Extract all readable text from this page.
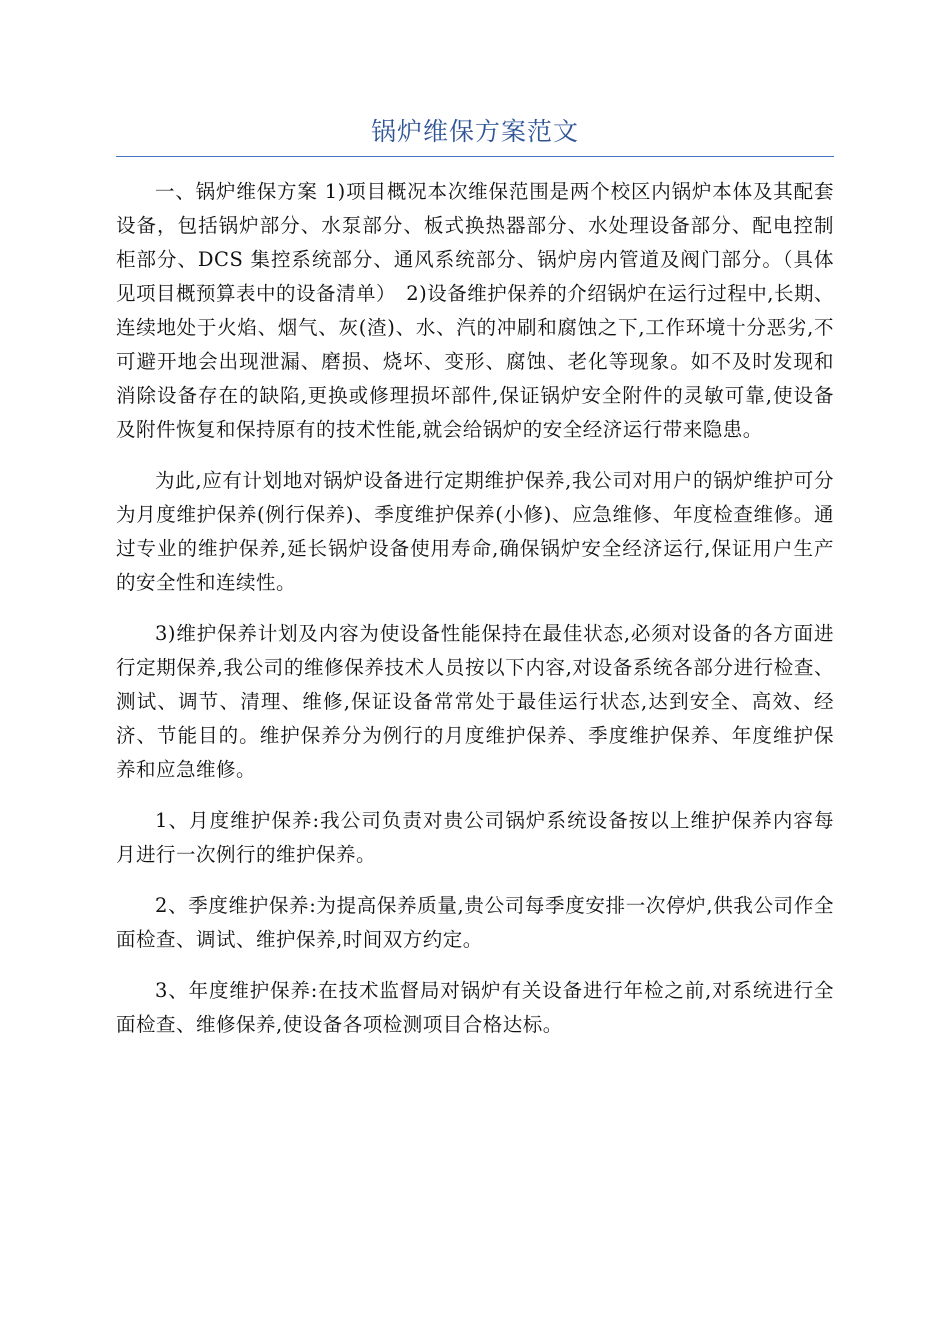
锅炉维保方案范文

一、锅炉维保方案 1)项目概况本次维保范围是两个校区内锅炉本体及其配套设备，包括锅炉部分、水泵部分、板式换热器部分、水处理设备部分、配电控制柜部分、DCS 集控系统部分、通风系统部分、锅炉房内管道及阀门部分。（具体见项目概预算表中的设备清单）　2)设备维护保养的介绍锅炉在运行过程中,长期、连续地处于火焰、烟气、灰(渣)、水、汽的冲刷和腐蚀之下,工作环境十分恶劣,不可避开地会出现泄漏、磨损、烧坏、变形、腐蚀、老化等现象。如不及时发现和消除设备存在的缺陷,更换或修理损坏部件,保证锅炉安全附件的灵敏可靠,使设备及附件恢复和保持原有的技术性能,就会给锅炉的安全经济运行带来隐患。

为此,应有计划地对锅炉设备进行定期维护保养,我公司对用户的锅炉维护可分为月度维护保养(例行保养)、季度维护保养(小修)、应急维修、年度检查维修。通过专业的维护保养,延长锅炉设备使用寿命,确保锅炉安全经济运行,保证用户生产的安全性和连续性。

3)维护保养计划及内容为使设备性能保持在最佳状态,必须对设备的各方面进行定期保养,我公司的维修保养技术人员按以下内容,对设备系统各部分进行检查、测试、调节、清理、维修,保证设备常常处于最佳运行状态,达到安全、高效、经济、节能目的。维护保养分为例行的月度维护保养、季度维护保养、年度维护保养和应急维修。

1、月度维护保养:我公司负责对贵公司锅炉系统设备按以上维护保养内容每月进行一次例行的维护保养。

2、季度维护保养:为提高保养质量,贵公司每季度安排一次停炉,供我公司作全面检查、调试、维护保养,时间双方约定。

3、年度维护保养:在技术监督局对锅炉有关设备进行年检之前,对系统进行全面检查、维修保养,使设备各项检测项目合格达标。
